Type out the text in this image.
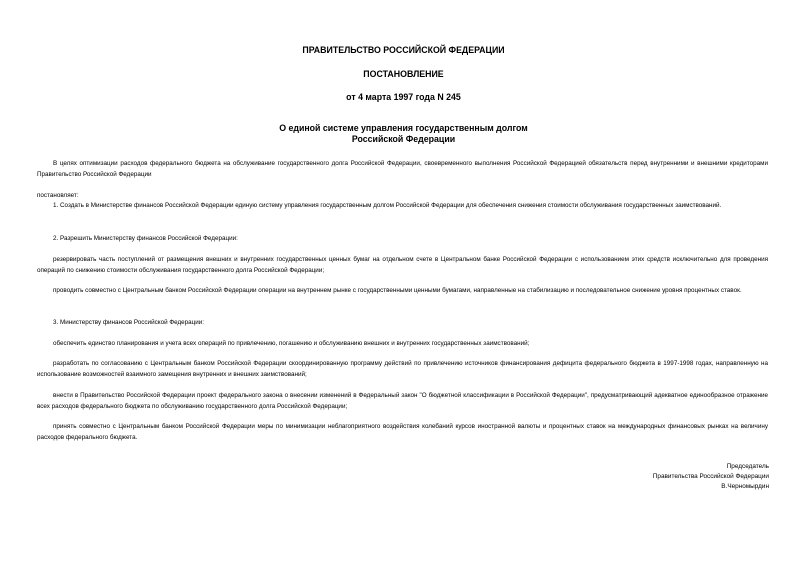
ПРАВИТЕЛЬСТВО РОССИЙСКОЙ ФЕДЕРАЦИИ
ПОСТАНОВЛЕНИЕ
от 4 марта 1997 года N 245
О единой системе управления государственным долгом
Российской Федерации
В целях оптимизации расходов федерального бюджета на обслуживание государственного долга Российской Федерации, своевременного выполнения Российской Федерацией обязательств перед внутренними и внешними кредиторами Правительство Российской Федерации
постановляет:
1. Создать в Министерстве финансов Российской Федерации единую систему управления государственным долгом Российской Федерации для обеспечения снижения стоимости обслуживания государственных заимствований.
2. Разрешить Министерству финансов Российской Федерации:
резервировать часть поступлений от размещения внешних и внутренних государственных ценных бумаг на отдельном счете в Центральном банке Российской Федерации с использованием этих средств исключительно для проведения операций по снижению стоимости обслуживания государственного долга Российской Федерации;
проводить совместно с Центральным банком Российской Федерации операции на внутреннем рынке с государственными ценными бумагами, направленные на стабилизацию и последовательное снижение уровня процентных ставок.
3. Министерству финансов Российской Федерации:
обеспечить единство планирования и учета всех операций по привлечению, погашению и обслуживанию внешних и внутренних государственных заимствований;
разработать по согласованию с Центральным банком Российской Федерации скоординированную программу действий по привлечению источников финансирования дефицита федерального бюджета в 1997-1998 годах, направленную на использование возможностей взаимного замещения внутренних и внешних заимствований;
внести в Правительство Российской Федерации проект федерального закона о внесении изменений в Федеральный закон "О бюджетной классификации в Российской Федерации", предусматривающий адекватное единообразное отражение всех расходов федерального бюджета по обслуживанию государственного долга Российской Федерации;
принять совместно с Центральным банком Российской Федерации меры по минимизации неблагоприятного воздействия колебаний курсов иностранной валюты и процентных ставок на международных финансовых рынках на величину расходов федерального бюджета.
Председатель
Правительства Российской Федерации
В.Черномырдин
